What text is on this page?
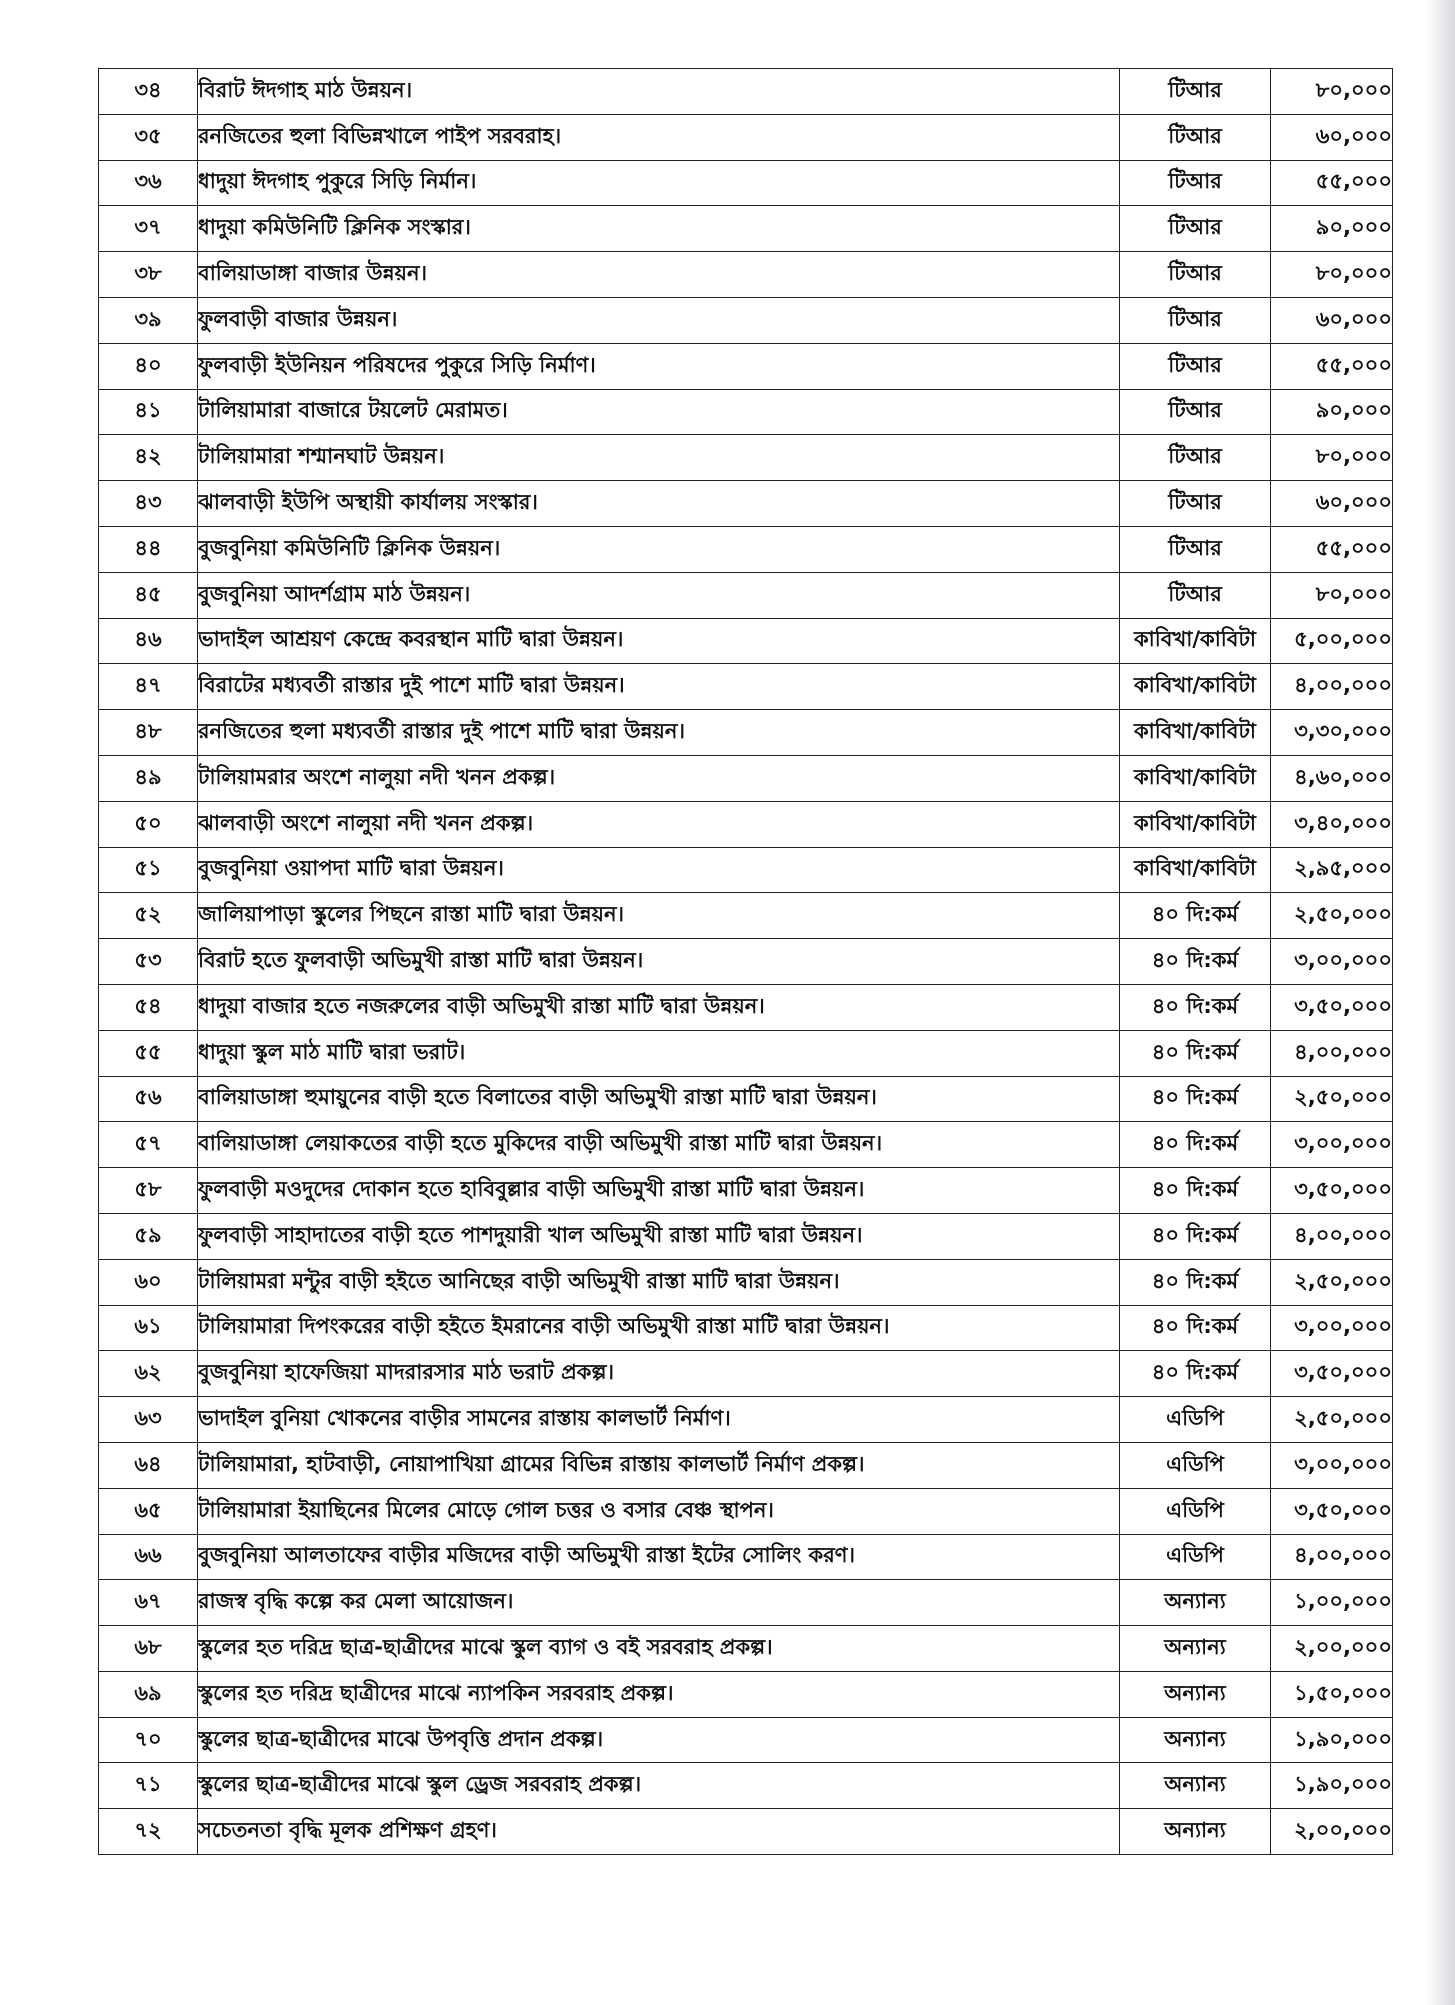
৩৪	বিরাট ঈদগাহ মাঠ উন্নয়ন।	টিআর	৮০,০০০
৩৫	রনজিতের হুলা বিভিন্নখালে পাইপ সরবরাহ।	টিআর	৬০,০০০
৩৬	ধাদুয়া ঈদগাহ পুকুরে সিড়ি নির্মান।	টিআর	৫৫,০০০
৩৭	ধাদুয়া কমিউনিটি ক্লিনিক সংস্কার।	টিআর	৯০,০০০
৩৮	বালিয়াডাঙ্গা বাজার উন্নয়ন।	টিআর	৮০,০০০
৩৯	ফুলবাড়ী বাজার উন্নয়ন।	টিআর	৬০,০০০
৪০	ফুলবাড়ী ইউনিয়ন পরিষদের পুকুরে সিড়ি নির্মাণ।	টিআর	৫৫,০০০
৪১	টালিয়ামারা বাজারে টয়লেট মেরামত।	টিআর	৯০,০০০
৪২	টালিয়ামারা শশ্মানঘাট উন্নয়ন।	টিআর	৮০,০০০
৪৩	ঝালবাড়ী ইউপি অস্থায়ী কার্যালয় সংস্কার।	টিআর	৬০,০০০
৪৪	বুজবুনিয়া কমিউনিটি ক্লিনিক উন্নয়ন।	টিআর	৫৫,০০০
৪৫	বুজবুনিয়া আদর্শগ্রাম মাঠ উন্নয়ন।	টিআর	৮০,০০০
৪৬	ভাদাইল আশ্রয়ণ কেন্দ্রে কবরস্থান মাটি দ্বারা উন্নয়ন।	কাবিখা/কাবিটা	৫,০০,০০০
৪৭	বিরাটের মধ্যবর্তী রাস্তার দুই পাশে মাটি দ্বারা উন্নয়ন।	কাবিখা/কাবিটা	৪,০০,০০০
৪৮	রনজিতের হুলা মধ্যবর্তী রাস্তার দুই পাশে মাটি দ্বারা উন্নয়ন।	কাবিখা/কাবিটা	৩,৩০,০০০
৪৯	টালিয়ামরার অংশে নালুয়া নদী খনন প্রকল্প।	কাবিখা/কাবিটা	৪,৬০,০০০
৫০	ঝালবাড়ী অংশে নালুয়া নদী খনন প্রকল্প।	কাবিখা/কাবিটা	৩,৪০,০০০
৫১	বুজবুনিয়া ওয়াপদা মাটি দ্বারা উন্নয়ন।	কাবিখা/কাবিটা	২,৯৫,০০০
৫২	জালিয়াপাড়া স্কুলের পিছনে রাস্তা মাটি দ্বারা উন্নয়ন।	৪০ দি:কর্ম	২,৫০,০০০
৫৩	বিরাট হতে ফুলবাড়ী অভিমুখী রাস্তা মাটি দ্বারা উন্নয়ন।	৪০ দি:কর্ম	৩,০০,০০০
৫৪	ধাদুয়া বাজার হতে নজরুলের বাড়ী অভিমুখী রাস্তা মাটি দ্বারা উন্নয়ন।	৪০ দি:কর্ম	৩,৫০,০০০
৫৫	ধাদুয়া স্কুল মাঠ মাটি দ্বারা ভরাট।	৪০ দি:কর্ম	৪,০০,০০০
৫৬	বালিয়াডাঙ্গা হুমায়ুনের বাড়ী হতে বিলাতের বাড়ী অভিমুখী রাস্তা মাটি দ্বারা উন্নয়ন।	৪০ দি:কর্ম	২,৫০,০০০
৫৭	বালিয়াডাঙ্গা লেয়াকতের বাড়ী হতে মুকিদের বাড়ী অভিমুখী রাস্তা মাটি দ্বারা উন্নয়ন।	৪০ দি:কর্ম	৩,০০,০০০
৫৮	ফুলবাড়ী মওদুদের দোকান হতে হাবিবুল্লার বাড়ী অভিমুখী রাস্তা মাটি দ্বারা উন্নয়ন।	৪০ দি:কর্ম	৩,৫০,০০০
৫৯	ফুলবাড়ী সাহাদাতের বাড়ী হতে পাশদুয়ারী খাল অভিমুখী রাস্তা মাটি দ্বারা উন্নয়ন।	৪০ দি:কর্ম	৪,০০,০০০
৬০	টালিয়ামরা মন্টুর বাড়ী হইতে আনিছের বাড়ী অভিমুখী রাস্তা মাটি দ্বারা উন্নয়ন।	৪০ দি:কর্ম	২,৫০,০০০
৬১	টালিয়ামারা দিপংকরের বাড়ী হইতে ইমরানের বাড়ী অভিমুখী রাস্তা মাটি দ্বারা উন্নয়ন।	৪০ দি:কর্ম	৩,০০,০০০
৬২	বুজবুনিয়া হাফেজিয়া মাদরারসার মাঠ ভরাট প্রকল্প।	৪০ দি:কর্ম	৩,৫০,০০০
৬৩	ভাদাইল বুনিয়া খোকনের বাড়ীর সামনের রাস্তায় কালভার্ট নির্মাণ।	এডিপি	২,৫০,০০০
৬৪	টালিয়ামারা, হাটবাড়ী, নোয়াপাখিয়া গ্রামের বিভিন্ন রাস্তায় কালভার্ট নির্মাণ প্রকল্প।	এডিপি	৩,০০,০০০
৬৫	টালিয়ামারা ইয়াছিনের মিলের মোড়ে গোল চত্তর ও বসার বেঞ্চ স্থাপন।	এডিপি	৩,৫০,০০০
৬৬	বুজবুনিয়া আলতাফের বাড়ীর মজিদের বাড়ী অভিমুখী রাস্তা ইটের সোলিং করণ।	এডিপি	৪,০০,০০০
৬৭	রাজস্ব বৃদ্ধি কল্পে কর মেলা আয়োজন।	অন্যান্য	১,০০,০০০
৬৮	স্কুলের হত দরিদ্র ছাত্র-ছাত্রীদের মাঝে স্কুল ব্যাগ ও বই সরবরাহ প্রকল্প।	অন্যান্য	২,০০,০০০
৬৯	স্কুলের হত দরিদ্র ছাত্রীদের মাঝে ন্যাপকিন সরবরাহ প্রকল্প।	অন্যান্য	১,৫০,০০০
৭০	স্কুলের ছাত্র-ছাত্রীদের মাঝে উপবৃত্তি প্রদান প্রকল্প।	অন্যান্য	১,৯০,০০০
৭১	স্কুলের ছাত্র-ছাত্রীদের মাঝে স্কুল ড্রেজ সরবরাহ প্রকল্প।	অন্যান্য	১,৯০,০০০
৭২	সচেতনতা বৃদ্ধি মূলক প্রশিক্ষণ গ্রহণ।	অন্যান্য	২,০০,০০০
